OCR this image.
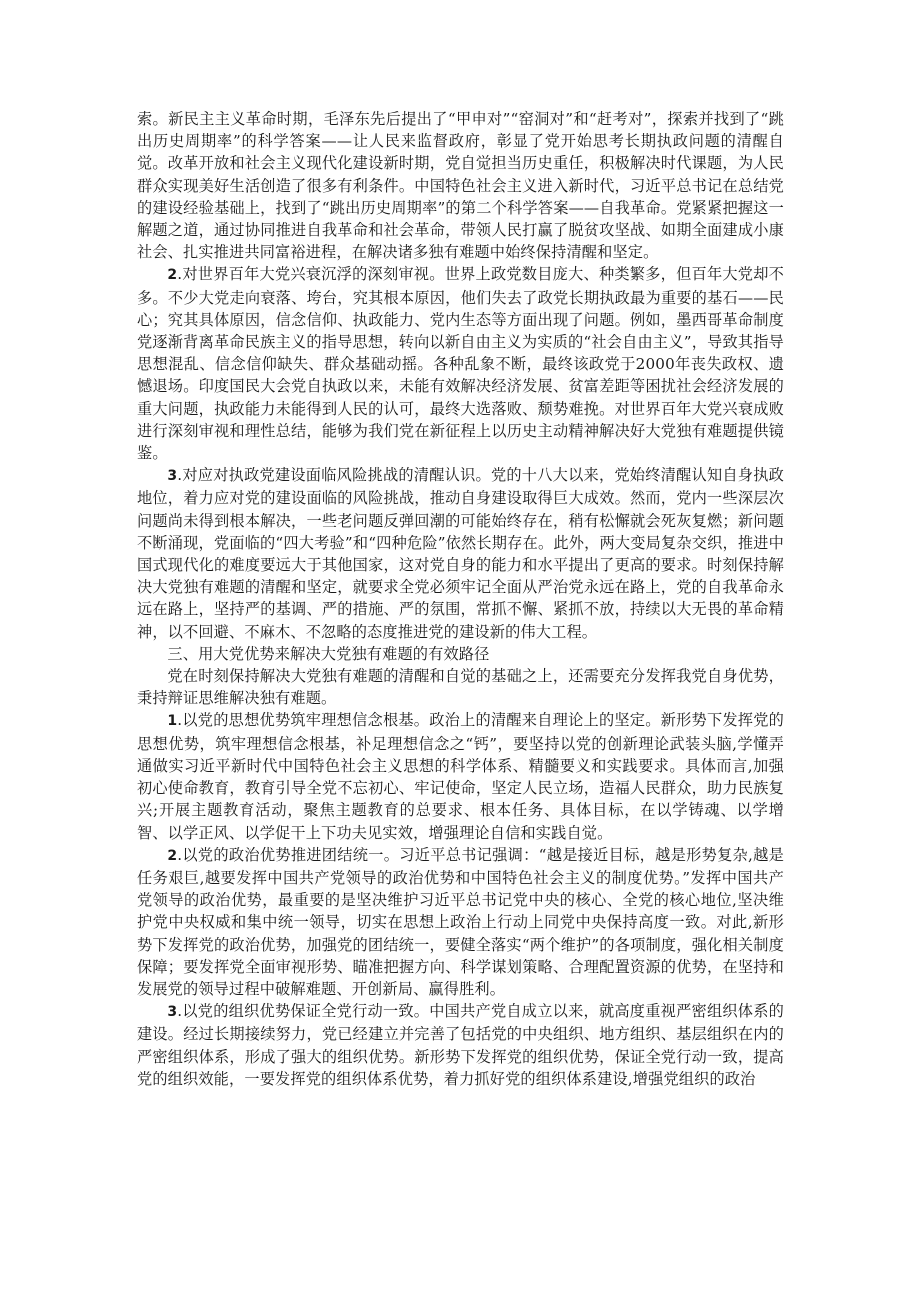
索。新民主主义革命时期，毛泽东先后提出了“甲申对”“窑洞对”和“赶考对”，探索并找到了“跳出历史周期率”的科学答案——让人民来监督政府，彰显了党开始思考长期执政问题的清醒自觉。改革开放和社会主义现代化建设新时期，党自觉担当历史重任，积极解决时代课题，为人民群众实现美好生活创造了很多有利条件。中国特色社会主义进入新时代，习近平总书记在总结党的建设经验基础上，找到了“跳出历史周期率”的第二个科学答案——自我革命。党紧紧把握这一解题之道，通过协同推进自我革命和社会革命，带领人民打赢了脱贫攻坚战、如期全面建成小康社会、扎实推进共同富裕进程，在解决诸多独有难题中始终保持清醒和坚定。

2.对世界百年大党兴衰沉浮的深刻审视。世界上政党数目庞大、种类繁多，但百年大党却不多。不少大党走向衰落、垮台，究其根本原因，他们失去了政党长期执政最为重要的基石——民心；究其具体原因，信念信仰、执政能力、党内生态等方面出现了问题。例如，墨西哥革命制度党逐渐背离革命民族主义的指导思想，转向以新自由主义为实质的“社会自由主义”，导致其指导思想混乱、信念信仰缺失、群众基础动摇。各种乱象不断，最终该政党于2000年丧失政权、遗憾退场。印度国民大会党自执政以来，未能有效解决经济发展、贫富差距等困扰社会经济发展的重大问题，执政能力未能得到人民的认可，最终大选落败、颓势难挽。对世界百年大党兴衰成败进行深刻审视和理性总结，能够为我们党在新征程上以历史主动精神解决好大党独有难题提供镜鉴。

3.对应对执政党建设面临风险挑战的清醒认识。党的十八大以来，党始终清醒认知自身执政地位，着力应对党的建设面临的风险挑战，推动自身建设取得巨大成效。然而，党内一些深层次问题尚未得到根本解决，一些老问题反弹回潮的可能始终存在，稍有松懈就会死灰复燃；新问题不断涌现，党面临的“四大考验”和“四种危险”依然长期存在。此外，两大变局复杂交织，推进中国式现代化的难度要远大于其他国家，这对党自身的能力和水平提出了更高的要求。时刻保持解决大党独有难题的清醒和坚定，就要求全党必须牢记全面从严治党永远在路上，党的自我革命永远在路上，坚持严的基调、严的措施、严的氛围，常抓不懈、紧抓不放，持续以大无畏的革命精神，以不回避、不麻木、不忽略的态度推进党的建设新的伟大工程。

三、用大党优势来解决大党独有难题的有效路径

党在时刻保持解决大党独有难题的清醒和自觉的基础之上，还需要充分发挥我党自身优势，秉持辩证思维解决独有难题。

1.以党的思想优势筑牢理想信念根基。政治上的清醒来自理论上的坚定。新形势下发挥党的思想优势，筑牢理想信念根基，补足理想信念之“钙”，要坚持以党的创新理论武装头脑,学懂弄通做实习近平新时代中国特色社会主义思想的科学体系、精髓要义和实践要求。具体而言,加强初心使命教育，教育引导全党不忘初心、牢记使命，坚定人民立场，造福人民群众，助力民族复兴;开展主题教育活动，聚焦主题教育的总要求、根本任务、具体目标，在以学铸魂、以学增智、以学正风、以学促干上下功夫见实效，增强理论自信和实践自觉。

2.以党的政治优势推进团结统一。习近平总书记强调：“越是接近目标，越是形势复杂,越是任务艰巨,越要发挥中国共产党领导的政治优势和中国特色社会主义的制度优势。”发挥中国共产党领导的政治优势，最重要的是坚决维护习近平总书记党中央的核心、全党的核心地位,坚决维护党中央权威和集中统一领导，切实在思想上政治上行动上同党中央保持高度一致。对此,新形势下发挥党的政治优势，加强党的团结统一，要健全落实“两个维护”的各项制度，强化相关制度保障；要发挥党全面审视形势、瞄准把握方向、科学谋划策略、合理配置资源的优势，在坚持和发展党的领导过程中破解难题、开创新局、赢得胜利。

3.以党的组织优势保证全党行动一致。中国共产党自成立以来，就高度重视严密组织体系的建设。经过长期接续努力，党已经建立并完善了包括党的中央组织、地方组织、基层组织在内的严密组织体系，形成了强大的组织优势。新形势下发挥党的组织优势，保证全党行动一致，提高党的组织效能，一要发挥党的组织体系优势，着力抓好党的组织体系建设,增强党组织的政治
